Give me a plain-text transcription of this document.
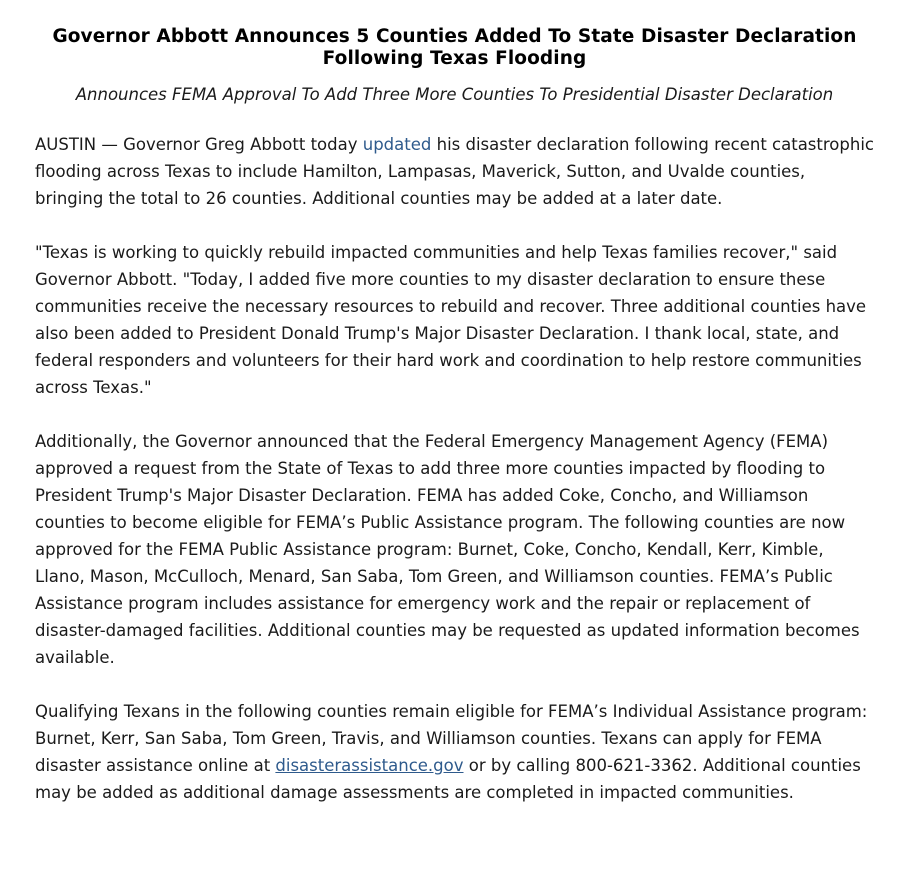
Governor Abbott Announces 5 Counties Added To State Disaster Declaration Following Texas Flooding
Announces FEMA Approval To Add Three More Counties To Presidential Disaster Declaration

AUSTIN — Governor Greg Abbott today updated his disaster declaration following recent catastrophic flooding across Texas to include Hamilton, Lampasas, Maverick, Sutton, and Uvalde counties, bringing the total to 26 counties. Additional counties may be added at a later date.

"Texas is working to quickly rebuild impacted communities and help Texas families recover," said Governor Abbott. "Today, I added five more counties to my disaster declaration to ensure these communities receive the necessary resources to rebuild and recover. Three additional counties have also been added to President Donald Trump's Major Disaster Declaration. I thank local, state, and federal responders and volunteers for their hard work and coordination to help restore communities across Texas."

Additionally, the Governor announced that the Federal Emergency Management Agency (FEMA) approved a request from the State of Texas to add three more counties impacted by flooding to President Trump's Major Disaster Declaration. FEMA has added Coke, Concho, and Williamson counties to become eligible for FEMA’s Public Assistance program. The following counties are now approved for the FEMA Public Assistance program: Burnet, Coke, Concho, Kendall, Kerr, Kimble, Llano, Mason, McCulloch, Menard, San Saba, Tom Green, and Williamson counties. FEMA’s Public Assistance program includes assistance for emergency work and the repair or replacement of disaster-damaged facilities. Additional counties may be requested as updated information becomes available.

Qualifying Texans in the following counties remain eligible for FEMA’s Individual Assistance program: Burnet, Kerr, San Saba, Tom Green, Travis, and Williamson counties. Texans can apply for FEMA disaster assistance online at disasterassistance.gov or by calling 800-621-3362. Additional counties may be added as additional damage assessments are completed in impacted communities.
